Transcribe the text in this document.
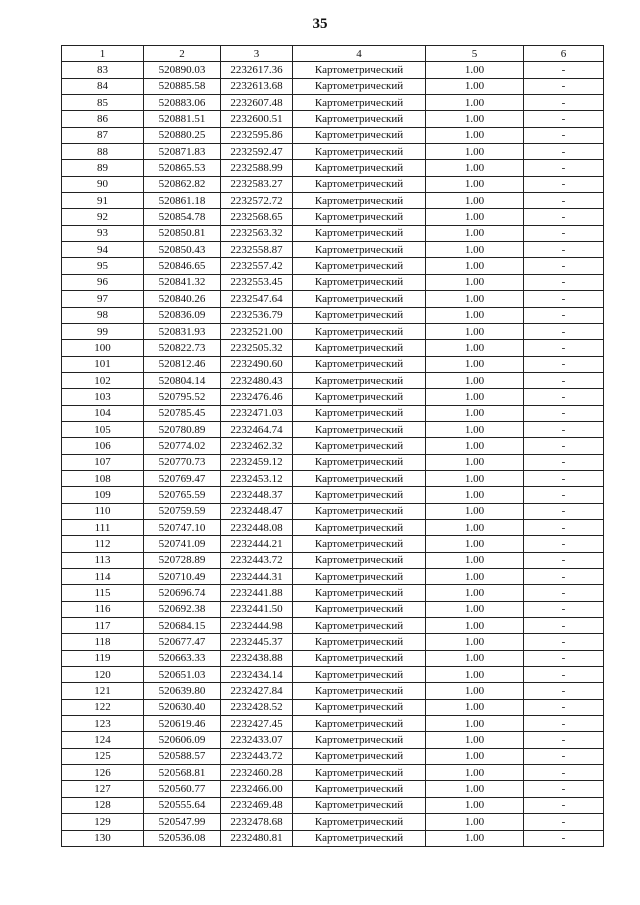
35
1	2	3	4	5	6
83	520890.03	2232617.36	Картометрический	1.00	-
84	520885.58	2232613.68	Картометрический	1.00	-
85	520883.06	2232607.48	Картометрический	1.00	-
86	520881.51	2232600.51	Картометрический	1.00	-
87	520880.25	2232595.86	Картометрический	1.00	-
88	520871.83	2232592.47	Картометрический	1.00	-
89	520865.53	2232588.99	Картометрический	1.00	-
90	520862.82	2232583.27	Картометрический	1.00	-
91	520861.18	2232572.72	Картометрический	1.00	-
92	520854.78	2232568.65	Картометрический	1.00	-
93	520850.81	2232563.32	Картометрический	1.00	-
94	520850.43	2232558.87	Картометрический	1.00	-
95	520846.65	2232557.42	Картометрический	1.00	-
96	520841.32	2232553.45	Картометрический	1.00	-
97	520840.26	2232547.64	Картометрический	1.00	-
98	520836.09	2232536.79	Картометрический	1.00	-
99	520831.93	2232521.00	Картометрический	1.00	-
100	520822.73	2232505.32	Картометрический	1.00	-
101	520812.46	2232490.60	Картометрический	1.00	-
102	520804.14	2232480.43	Картометрический	1.00	-
103	520795.52	2232476.46	Картометрический	1.00	-
104	520785.45	2232471.03	Картометрический	1.00	-
105	520780.89	2232464.74	Картометрический	1.00	-
106	520774.02	2232462.32	Картометрический	1.00	-
107	520770.73	2232459.12	Картометрический	1.00	-
108	520769.47	2232453.12	Картометрический	1.00	-
109	520765.59	2232448.37	Картометрический	1.00	-
110	520759.59	2232448.47	Картометрический	1.00	-
111	520747.10	2232448.08	Картометрический	1.00	-
112	520741.09	2232444.21	Картометрический	1.00	-
113	520728.89	2232443.72	Картометрический	1.00	-
114	520710.49	2232444.31	Картометрический	1.00	-
115	520696.74	2232441.88	Картометрический	1.00	-
116	520692.38	2232441.50	Картометрический	1.00	-
117	520684.15	2232444.98	Картометрический	1.00	-
118	520677.47	2232445.37	Картометрический	1.00	-
119	520663.33	2232438.88	Картометрический	1.00	-
120	520651.03	2232434.14	Картометрический	1.00	-
121	520639.80	2232427.84	Картометрический	1.00	-
122	520630.40	2232428.52	Картометрический	1.00	-
123	520619.46	2232427.45	Картометрический	1.00	-
124	520606.09	2232433.07	Картометрический	1.00	-
125	520588.57	2232443.72	Картометрический	1.00	-
126	520568.81	2232460.28	Картометрический	1.00	-
127	520560.77	2232466.00	Картометрический	1.00	-
128	520555.64	2232469.48	Картометрический	1.00	-
129	520547.99	2232478.68	Картометрический	1.00	-
130	520536.08	2232480.81	Картометрический	1.00	-
